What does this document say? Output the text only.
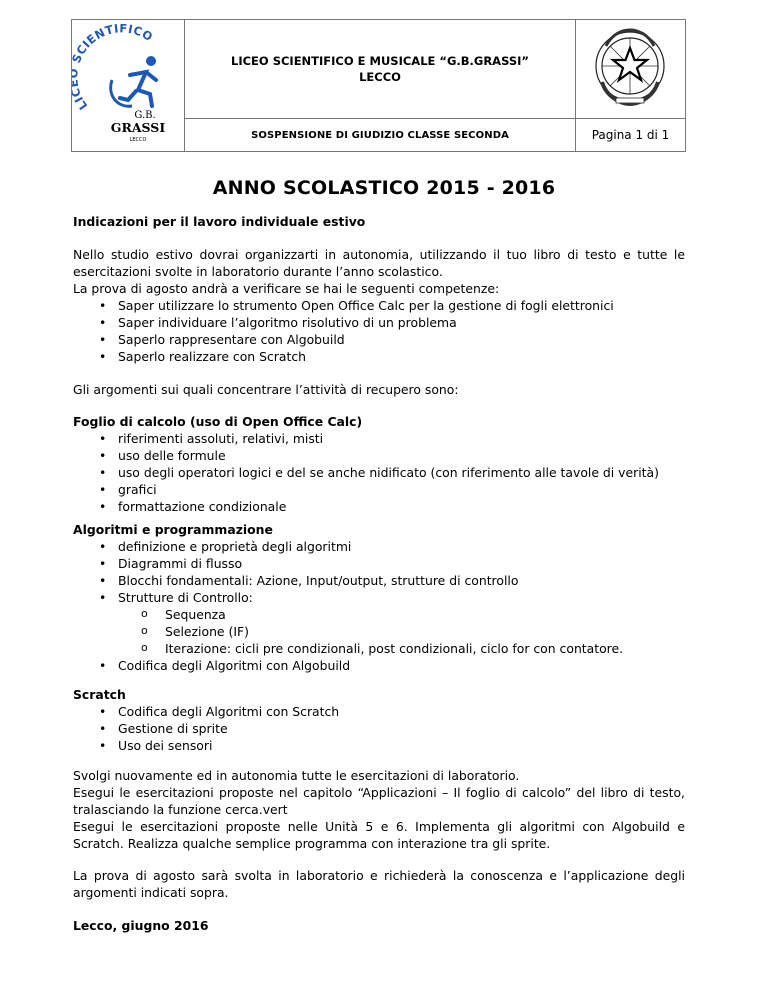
LI CIENTIFICO
G.B.
GRASSI
LECCO
LICEO SCIENTIFICO E MUSICALE “G.B.GRASSI”
LECCO
SOSPENSIONE DI GIUDIZIO CLASSE SECONDA	Pagina 1 di 1
ANNO SCOLASTICO 2015 - 2016
Indicazioni per il lavoro individuale estivo
Nello studio estivo dovrai organizzarti in autonomia, utilizzando il tuo libro di testo e tutte le
esercitazioni svolte in laboratorio durante l’anno scolastico.
La prova di agosto andrà a verificare se hai le seguenti competenze:
• Saper utilizzare lo strumento Open Office Calc per la gestione di fogli elettronici
• Saper individuare l’algoritmo risolutivo di un problema
• Saperlo rappresentare con Algobuild
• Saperlo realizzare con Scratch
Gli argomenti sui quali concentrare l’attività di recupero sono:
Foglio di calcolo (uso di Open Office Calc)
• riferimenti assoluti, relativi, misti
• uso delle formule
• uso degli operatori logici e del se anche nidificato (con riferimento alle tavole di verità)
• grafici
• formattazione condizionale
Algoritmi e programmazione
• definizione e proprietà degli algoritmi
• Diagrammi di flusso
• Blocchi fondamentali: Azione, Input/output, strutture di controllo
• Strutture di Controllo:
o Sequenza
o Selezione (IF)
o Iterazione: cicli pre condizionali, post condizionali, ciclo for con contatore.
• Codifica degli Algoritmi con Algobuild
Scratch
• Codifica degli Algoritmi con Scratch
• Gestione di sprite
• Uso dei sensori
Svolgi nuovamente ed in autonomia tutte le esercitazioni di laboratorio.
Esegui le esercitazioni proposte nel capitolo “Applicazioni – Il foglio di calcolo” del libro di testo,
tralasciando la funzione cerca.vert
Esegui le esercitazioni proposte nelle Unità 5 e 6. Implementa gli algoritmi con Algobuild e
Scratch. Realizza qualche semplice programma con interazione tra gli sprite.
La prova di agosto sarà svolta in laboratorio e richiederà la conoscenza e l’applicazione degli
argomenti indicati sopra.
Lecco, giugno 2016
